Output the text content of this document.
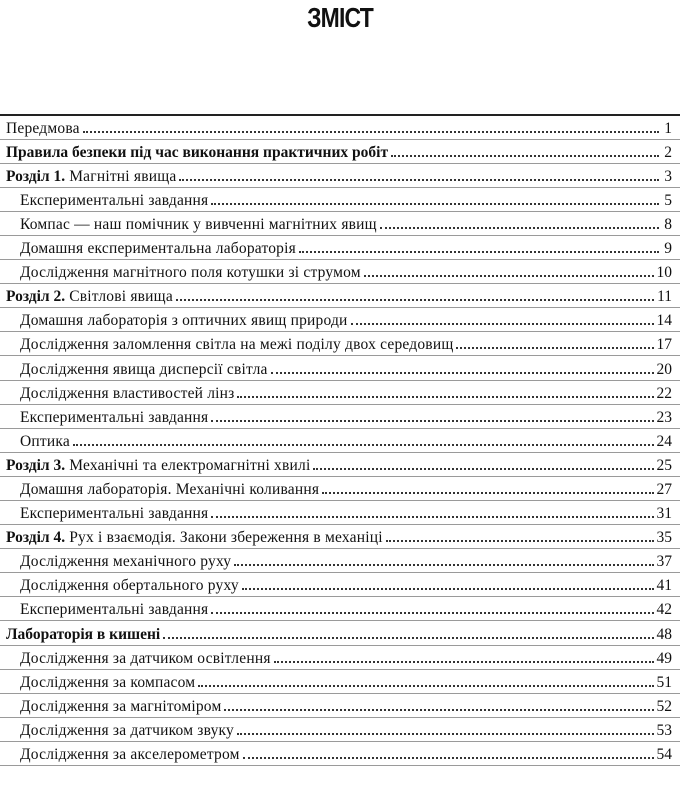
ЗМІСТ
Передмова	1
Правила безпеки під час виконання практичних робіт	2
Розділ 1. Магнітні явища	3
Експериментальні завдання	5
Компас — наш помічник у вивченні магнітних явищ	8
Домашня експериментальна лабораторія	9
Дослідження магнітного поля котушки зі струмом	10
Розділ 2. Світлові явища	11
Домашня лабораторія з оптичних явищ природи	14
Дослідження заломлення світла на межі поділу двох середовищ	17
Дослідження явища дисперсії світла	20
Дослідження властивостей лінз	22
Експериментальні завдання	23
Оптика	24
Розділ 3. Механічні та електромагнітні хвилі	25
Домашня лабораторія. Механічні коливання	27
Експериментальні завдання	31
Розділ 4. Рух і взаємодія. Закони збереження в механіці	35
Дослідження механічного руху	37
Дослідження обертального руху	41
Експериментальні завдання	42
Лабораторія в кишені	48
Дослідження за датчиком освітлення	49
Дослідження за компасом	51
Дослідження за магнітоміром	52
Дослідження за датчиком звуку	53
Дослідження за акселерометром	54
